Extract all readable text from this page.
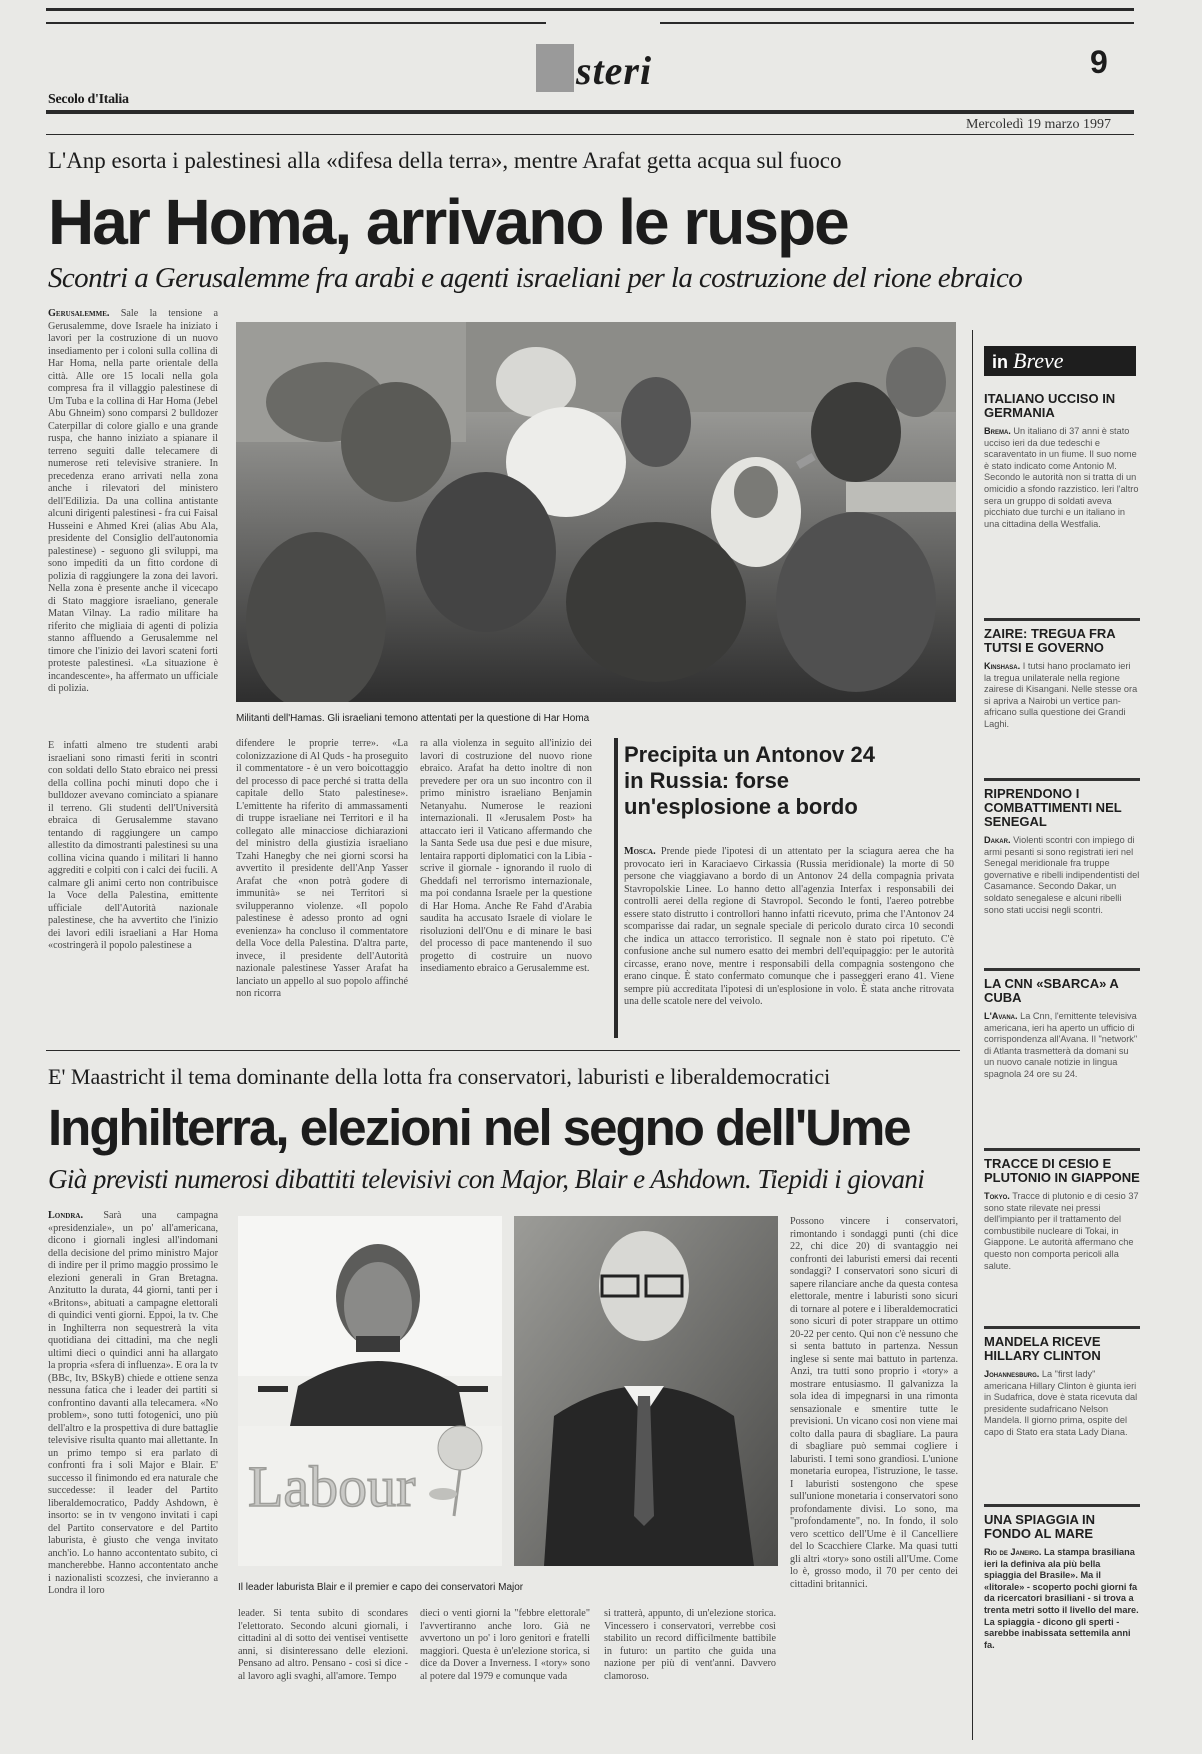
steri	9
Secolo d'Italia
Mercoledì 19 marzo 1997
L'Anp esorta i palestinesi alla «difesa della terra», mentre Arafat getta acqua sul fuoco
Har Homa, arrivano le ruspe
Scontri a Gerusalemme fra arabi e agenti israeliani per la costruzione del rione ebraico
Gerusalemme. Sale la tensione a Gerusalemme, dove Israele ha iniziato i lavori per la costruzione di un nuovo insediamento per i coloni sulla collina di Har Homa, nella parte orientale della città. Alle ore 15 locali nella gola compresa fra il villaggio palestinese di Um Tuba e la collina di Har Homa (Jebel Abu Ghneim) sono comparsi 2 bulldozer Caterpillar di colore giallo e una grande ruspa, che hanno iniziato a spianare il terreno seguiti dalle telecamere di numerose reti televisive straniere. In precedenza erano arrivati nella zona anche i rilevatori del ministero dell'Edilizia. Da una collina antistante alcuni dirigenti palestinesi - fra cui Faisal Husseini e Ahmed Krei (alias Abu Ala, presidente del Consiglio dell'autonomia palestinese) - seguono gli sviluppi, ma sono impediti da un fitto cordone di polizia di raggiungere la zona dei lavori. Nella zona è presente anche il vicecapo di Stato maggiore israeliano, generale Matan Vilnay. La radio militare ha riferito che migliaia di agenti di polizia stanno affluendo a Gerusalemme nel timore che l'inizio dei lavori scateni forti proteste palestinesi. «La situazione è incandescente», ha affermato un ufficiale di polizia.
E infatti almeno tre studenti arabi israeliani sono rimasti feriti in scontri con soldati dello Stato ebraico nei pressi della collina pochi minuti dopo che i bulldozer avevano cominciato a spianare il terreno. Gli studenti dell'Università ebraica di Gerusalemme stavano tentando di raggiungere un campo allestito da dimostranti palestinesi su una collina vicina quando i militari li hanno aggrediti e colpiti con i calci dei fucili. A calmare gli animi certo non contribuisce la Voce della Palestina, emittente ufficiale dell'Autorità nazionale palestinese, che ha avvertito che l'inizio dei lavori edili israeliani a Har Homa «costringerà il popolo palestinese a
Militanti dell'Hamas. Gli israeliani temono attentati per la questione di Har Homa
difendere le proprie terre». «La colonizzazione di Al Quds - ha proseguito il commentatore - è un vero boicottaggio del processo di pace perché si tratta della capitale dello Stato palestinese». L'emittente ha riferito di ammassamenti di truppe israeliane nei Territori e il ha collegato alle minacciose dichiarazioni del ministro della giustizia israeliano Tzahi Hanegby che nei giorni scorsi ha avvertito il presidente dell'Anp Yasser Arafat che «non potrà godere di immunità» se nei Territori si svilupperanno violenze. «Il popolo palestinese è adesso pronto ad ogni evenienza» ha concluso il commentatore della Voce della Palestina. D'altra parte, invece, il presidente dell'Autorità nazionale palestinese Yasser Arafat ha lanciato un appello al suo popolo affinché non ricorra
ra alla violenza in seguito all'inizio dei lavori di costruzione del nuovo rione ebraico. Arafat ha detto inoltre di non prevedere per ora un suo incontro con il primo ministro israeliano Benjamin Netanyahu. Numerose le reazioni internazionali. Il «Jerusalem Post» ha attaccato ieri il Vaticano affermando che la Santa Sede usa due pesi e due misure, lentaira rapporti diplomatici con la Libia - scrive il giornale - ignorando il ruolo di Gheddafi nel terrorismo internazionale, ma poi condanna Israele per la questione di Har Homa. Anche Re Fahd d'Arabia saudita ha accusato Israele di violare le risoluzioni dell'Onu e di minare le basi del processo di pace mantenendo il suo progetto di costruire un nuovo insediamento ebraico a Gerusalemme est.
Precipita un Antonov 24
in Russia: forse
un'esplosione a bordo
Mosca. Prende piede l'ipotesi di un attentato per la sciagura aerea che ha provocato ieri in Karaciaevo Cirkassia (Russia meridionale) la morte di 50 persone che viaggiavano a bordo di un Antonov 24 della compagnia privata Stavropolskie Linee. Lo hanno detto all'agenzia Interfax i responsabili dei controlli aerei della regione di Stavropol. Secondo le fonti, l'aereo potrebbe essere stato distrutto i controllori hanno infatti ricevuto, prima che l'Antonov 24 scomparisse dai radar, un segnale speciale di pericolo durato circa 10 secondi che indica un attacco terroristico. Il segnale non è stato poi ripetuto. C'è confusione anche sul numero esatto dei membri dell'equipaggio: per le autorità circasse, erano nove, mentre i responsabili della compagnia sostengono che erano cinque. È stato confermato comunque che i passeggeri erano 41. Viene sempre più accreditata l'ipotesi di un'esplosione in volo. È stata anche ritrovata una delle scatole nere del veivolo.
E' Maastricht il tema dominante della lotta fra conservatori, laburisti e liberaldemocratici
Inghilterra, elezioni nel segno dell'Ume
Già previsti numerosi dibattiti televisivi con Major, Blair e Ashdown. Tiepidi i giovani
Londra. Sarà una campagna «presidenziale», un po' all'americana, dicono i giornali inglesi all'indomani della decisione del primo ministro Major di indire per il primo maggio prossimo le elezioni generali in Gran Bretagna. Anzitutto la durata, 44 giorni, tanti per i «Britons», abituati a campagne elettorali di quindici venti giorni. Eppoi, la tv. Che in Inghilterra non sequestrerà la vita quotidiana dei cittadini, ma che negli ultimi dieci o quindici anni ha allargato la propria «sfera di influenza». E ora la tv (BBc, Itv, BSkyB) chiede e ottiene senza nessuna fatica che i leader dei partiti si confrontino davanti alla telecamera. «No problem», sono tutti fotogenici, uno più dell'altro e la prospettiva di dure battaglie televisive risulta quanto mai allettante. In un primo tempo si era parlato di confronti fra i soli Major e Blair. E' successo il finimondo ed era naturale che succedesse: il leader del Partito liberaldemocratico, Paddy Ashdown, è insorto: se in tv vengono invitati i capi del Partito conservatore e del Partito laburista, è giusto che venga invitato anch'io. Lo hanno accontentato subito, ci mancherebbe. Hanno accontentato anche i nazionalisti scozzesi, che invieranno a Londra il loro
Labour
Il leader laburista Blair e il premier e capo dei conservatori Major
leader. Si tenta subito di scondares l'elettorato. Secondo alcuni giornali, i cittadini al di sotto dei ventisei ventisette anni, si disinteressano delle elezioni. Pensano ad altro. Pensano - così si dice - al lavoro agli svaghi, all'amore. Tempo
dieci o venti giorni la "febbre elettorale" l'avvertiranno anche loro. Già ne avvertono un po' i loro genitori e fratelli maggiori. Questa è un'elezione storica, si dice da Dover a Inverness. I «tory» sono al potere dal 1979 e comunque vada
si tratterà, appunto, di un'elezione storica. Vincessero i conservatori, verrebbe così stabilito un record difficilmente battibile in futuro: un partito che guida una nazione per più di vent'anni. Davvero clamoroso.
Possono vincere i conservatori, rimontando i sondaggi punti (chi dice 22, chi dice 20) di svantaggio nei confronti dei laburisti emersi dai recenti sondaggi? I conservatori sono sicuri di sapere rilanciare anche da questa contesa elettorale, mentre i laburisti sono sicuri di tornare al potere e i liberaldemocratici sono sicuri di poter strappare un ottimo 20-22 per cento. Qui non c'è nessuno che si senta battuto in partenza. Nessun inglese si sente mai battuto in partenza. Anzi, tra tutti sono proprio i «tory» a mostrare entusiasmo. Il galvanizza la sola idea di impegnarsi in una rimonta sensazionale e smentire tutte le previsioni. Un vicano cosi non viene mai colto dalla paura di sbagliare. La paura di sbagliare può semmai cogliere i laburisti. I temi sono grandiosi. L'unione monetaria europea, l'istruzione, le tasse. I laburisti sostengono che spese sull'unione monetaria i conservatori sono profondamente divisi. Lo sono, ma "profondamente", no. In fondo, il solo vero scettico dell'Ume è il Cancelliere del lo Scacchiere Clarke. Ma quasi tutti gli altri «tory» sono ostili all'Ume. Come lo è, grosso modo, il 70 per cento dei cittadini britannici.
in Breve
ITALIANO UCCISO IN GERMANIA
Brema. Un italiano di 37 anni è stato ucciso ieri da due tedeschi e scaraventato in un fiume. Il suo nome è stato indicato come Antonio M. Secondo le autorità non si tratta di un omicidio a sfondo razzistico. Ieri l'altro sera un gruppo di soldati aveva picchiato due turchi e un italiano in una cittadina della Westfalia.
ZAIRE: TREGUA FRA TUTSI E GOVERNO
Kinshasa. I tutsi hano proclamato ieri la tregua unilaterale nella regione zairese di Kisangani. Nelle stesse ora si apriva a Nairobi un vertice pan-africano sulla questione dei Grandi Laghi.
RIPRENDONO I COMBATTIMENTI NEL SENEGAL
Dakar. Violenti scontri con impiego di armi pesanti si sono registrati ieri nel Senegal meridionale fra truppe governative e ribelli indipendentisti del Casamance. Secondo Dakar, un soldato senegalese e alcuni ribelli sono stati uccisi negli scontri.
LA CNN «SBARCA» A CUBA
L'Avana. La Cnn, l'emittente televisiva americana, ieri ha aperto un ufficio di corrispondenza all'Avana. Il "network" di Atlanta trasmetterà da domani su un nuovo canale notizie in lingua spagnola 24 ore su 24.
TRACCE DI CESIO E PLUTONIO IN GIAPPONE
Tokyo. Tracce di plutonio e di cesio 37 sono state rilevate nei pressi dell'impianto per il trattamento del combustibile nucleare di Tokai, in Giappone. Le autorità affermano che questo non comporta pericoli alla salute.
MANDELA RICEVE HILLARY CLINTON
Johannesburg. La "first lady" americana Hillary Clinton è giunta ieri in Sudafrica, dove è stata ricevuta dal presidente sudafricano Nelson Mandela. Il giorno prima, ospite del capo di Stato era stata Lady Diana.
UNA SPIAGGIA IN FONDO AL MARE
Rio de Janeiro. La stampa brasiliana ieri la definiva ala più bella spiaggia del Brasile». Ma il «litorale» - scoperto pochi giorni fa da ricercatori brasiliani - si trova a trenta metri sotto il livello del mare. La spiaggia - dicono gli sperti - sarebbe inabissata settemila anni fa.
